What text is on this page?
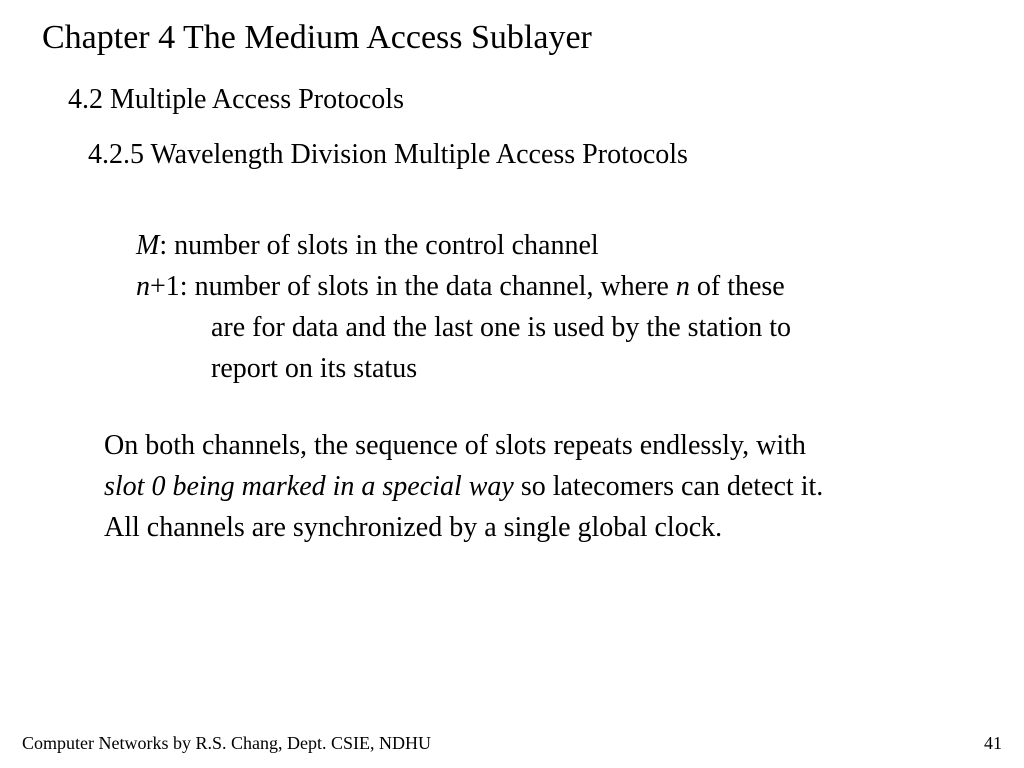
Chapter 4 The Medium Access Sublayer
4.2 Multiple Access Protocols
4.2.5 Wavelength Division Multiple Access Protocols
M: number of slots in the control channel
n+1: number of slots in the data channel, where n of these
are for data and the last one is used by the station to
report on its status
On both channels, the sequence of slots repeats endlessly, with
slot 0 being marked in a special way so latecomers can detect it.
All channels are synchronized by a single global clock.
Computer Networks by R.S. Chang, Dept. CSIE, NDHU	41
